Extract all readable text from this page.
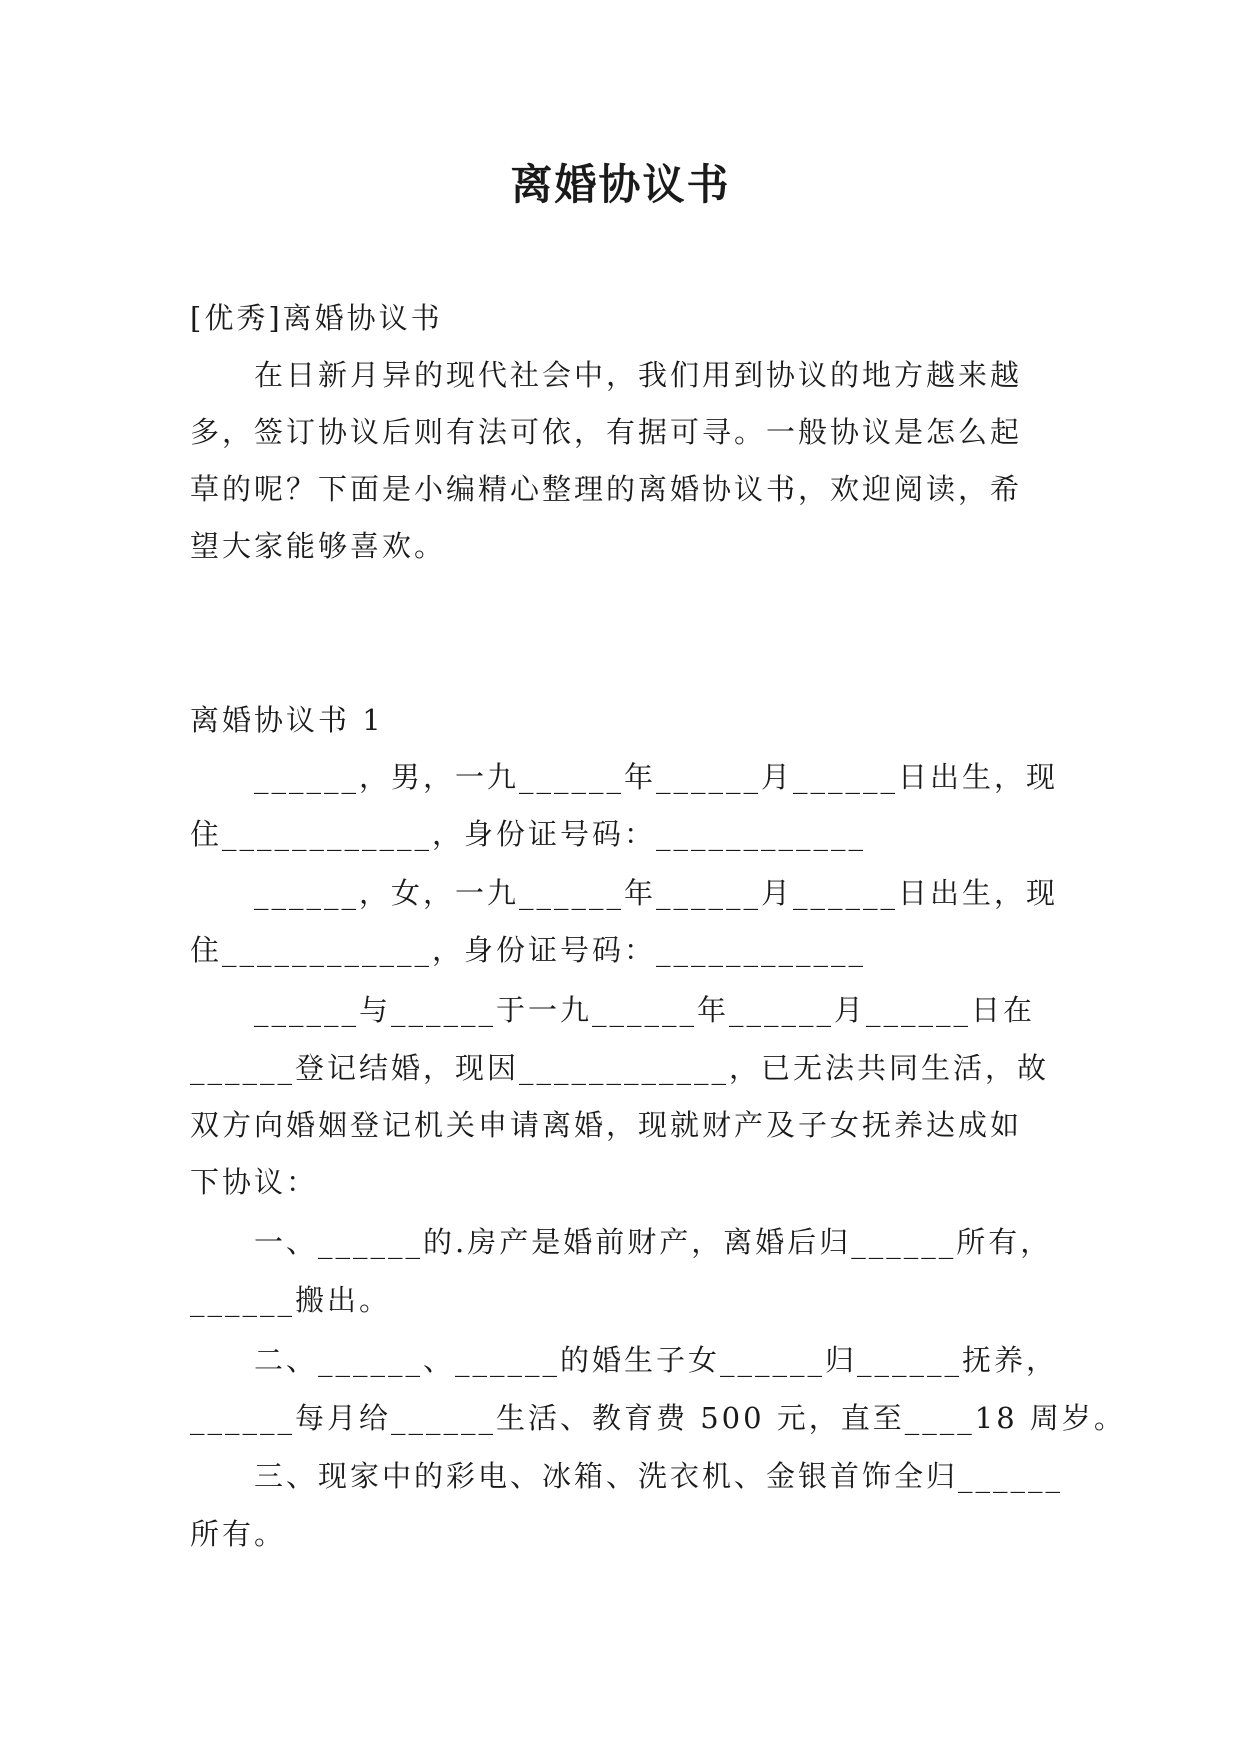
离婚协议书
[优秀]离婚协议书
在日新月异的现代社会中，我们用到协议的地方越来越
多，签订协议后则有法可依，有据可寻。一般协议是怎么起
草的呢？下面是小编精心整理的离婚协议书，欢迎阅读，希
望大家能够喜欢。
离婚协议书 1
______，男，一九______年______月______日出生，现
住____________，身份证号码：____________
______，女，一九______年______月______日出生，现
住____________，身份证号码：____________
______与______于一九______年______月______日在
______登记结婚，现因____________，已无法共同生活，故
双方向婚姻登记机关申请离婚，现就财产及子女抚养达成如
下协议：
一、______的.房产是婚前财产，离婚后归______所有，
______搬出。
二、______、______的婚生子女______归______抚养，
______每月给______生活、教育费 500 元，直至____18 周岁。
三、现家中的彩电、冰箱、洗衣机、金银首饰全归______
所有。
